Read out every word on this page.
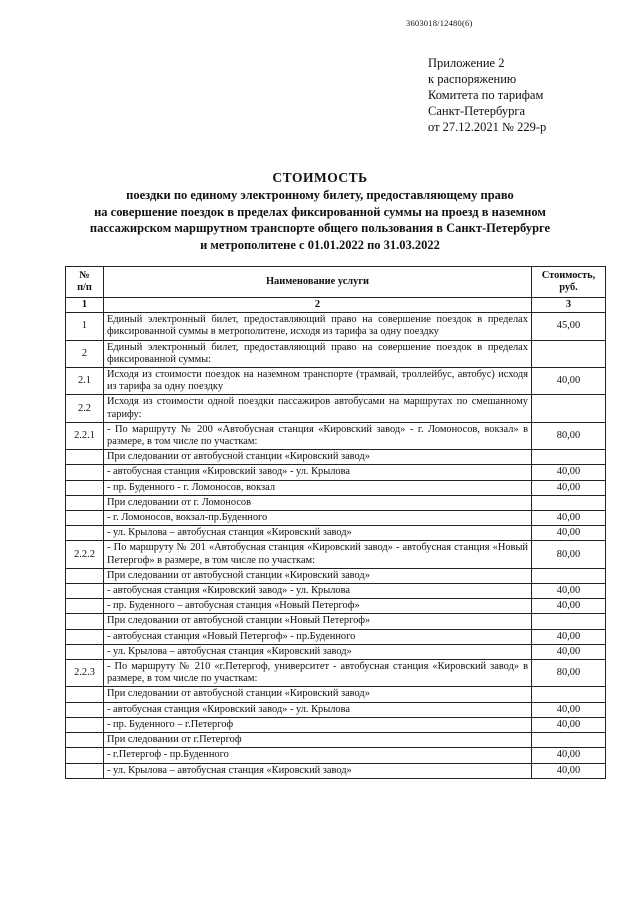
3603018/12480(6)
Приложение 2
к распоряжению
Комитета по тарифам
Санкт-Петербурга
от 27.12.2021 № 229-р
СТОИМОСТЬ
поездки по единому электронному билету, предоставляющему право
на совершение поездок в пределах фиксированной суммы на проезд в наземном
пассажирском маршрутном транспорте общего пользования в Санкт-Петербурге
и метрополитене с 01.01.2022 по 31.03.2022
№
п/п	Наименование услуги	Стоимость,
руб.
1	2	3
1	Единый электронный билет, предоставляющий право на совершение поездок в пределах фиксированной суммы в метрополитене, исходя из тарифа за одну поездку	45,00
2	Единый электронный билет, предоставляющий право на совершение поездок в пределах фиксированной суммы:	
2.1	Исходя из стоимости поездок на наземном транспорте (трамвай, троллейбус, автобус) исходя из тарифа за одну поездку	40,00
2.2	Исходя из стоимости одной поездки пассажиров автобусами на маршрутах по смешанному тарифу:	
2.2.1	- По маршруту № 200 «Автобусная станция «Кировский завод» - г. Ломоносов, вокзал» в размере, в том числе по участкам:	80,00
	При следовании от автобусной станции «Кировский завод»	
	- автобусная станция «Кировский завод» - ул. Крылова	40,00
	- пр. Буденного - г. Ломоносов, вокзал	40,00
	При следовании от г. Ломоносов	
	- г. Ломоносов, вокзал-пр.Буденного	40,00
	- ул. Крылова – автобусная станция «Кировский завод»	40,00
2.2.2	- По маршруту № 201 «Автобусная станция «Кировский завод» - автобусная станция «Новый Петергоф» в размере, в том числе по участкам:	80,00
	При следовании от автобусной станции «Кировский завод»	
	- автобусная станция «Кировский завод» - ул. Крылова	40,00
	- пр. Буденного – автобусная станция «Новый Петергоф»	40,00
	При следовании от автобусной станции «Новый Петергоф»	
	- автобусная станция «Новый Петергоф» - пр.Буденного	40,00
	- ул. Крылова – автобусная станция «Кировский завод»	40,00
2.2.3	- По маршруту № 210 «г.Петергоф, университет - автобусная станция «Кировский завод» в размере, в том числе по участкам:	80,00
	При следовании от автобусной станции «Кировский завод»	
	- автобусная станция «Кировский завод» - ул. Крылова	40,00
	- пр. Буденного – г.Петергоф	40,00
	При следовании от г.Петергоф	
	- г.Петергоф - пр.Буденного	40,00
	- ул. Крылова – автобусная станция «Кировский завод»	40,00
